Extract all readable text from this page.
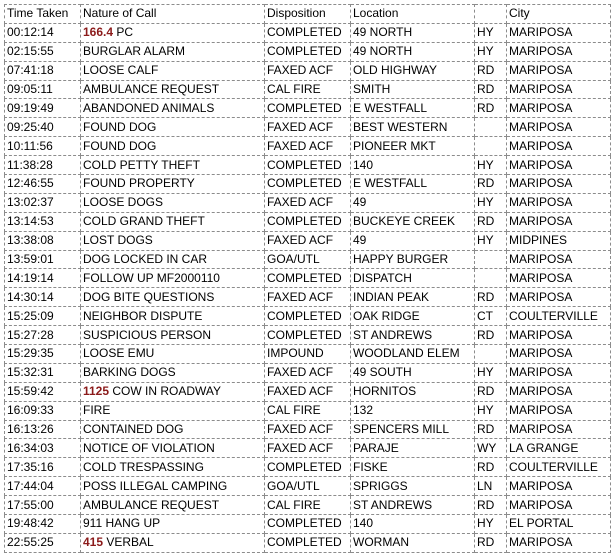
Time Taken	Nature of Call	Disposition	Location		City
00:12:14	166.4 PC	COMPLETED	49 NORTH	HY	MARIPOSA
02:15:55	BURGLAR ALARM	COMPLETED	49 NORTH	HY	MARIPOSA
07:41:18	LOOSE CALF	FAXED ACF	OLD HIGHWAY	RD	MARIPOSA
09:05:11	AMBULANCE REQUEST	CAL FIRE	SMITH	RD	MARIPOSA
09:19:49	ABANDONED ANIMALS	COMPLETED	E WESTFALL	RD	MARIPOSA
09:25:40	FOUND DOG	FAXED ACF	BEST WESTERN		MARIPOSA
10:11:56	FOUND DOG	FAXED ACF	PIONEER MKT		MARIPOSA
11:38:28	COLD PETTY THEFT	COMPLETED	140	HY	MARIPOSA
12:46:55	FOUND PROPERTY	COMPLETED	E WESTFALL	RD	MARIPOSA
13:02:37	LOOSE DOGS	FAXED ACF	49	HY	MARIPOSA
13:14:53	COLD GRAND THEFT	COMPLETED	BUCKEYE CREEK	RD	MARIPOSA
13:38:08	LOST DOGS	FAXED ACF	49	HY	MIDPINES
13:59:01	DOG LOCKED IN CAR	GOA/UTL	HAPPY BURGER		MARIPOSA
14:19:14	FOLLOW UP MF2000110	COMPLETED	DISPATCH		MARIPOSA
14:30:14	DOG BITE QUESTIONS	FAXED ACF	INDIAN PEAK	RD	MARIPOSA
15:25:09	NEIGHBOR DISPUTE	COMPLETED	OAK RIDGE	CT	COULTERVILLE
15:27:28	SUSPICIOUS PERSON	COMPLETED	ST ANDREWS	RD	MARIPOSA
15:29:35	LOOSE EMU	IMPOUND	WOODLAND ELEM		MARIPOSA
15:32:31	BARKING DOGS	FAXED ACF	49 SOUTH	HY	MARIPOSA
15:59:42	1125 COW IN ROADWAY	FAXED ACF	HORNITOS	RD	MARIPOSA
16:09:33	FIRE	CAL FIRE	132	HY	MARIPOSA
16:13:26	CONTAINED DOG	FAXED ACF	SPENCERS MILL	RD	MARIPOSA
16:34:03	NOTICE OF VIOLATION	FAXED ACF	PARAJE	WY	LA GRANGE
17:35:16	COLD TRESPASSING	COMPLETED	FISKE	RD	COULTERVILLE
17:44:04	POSS ILLEGAL CAMPING	GOA/UTL	SPRIGGS	LN	MARIPOSA
17:55:00	AMBULANCE REQUEST	CAL FIRE	ST ANDREWS	RD	MARIPOSA
19:48:42	911 HANG UP	COMPLETED	140	HY	EL PORTAL
22:55:25	415 VERBAL	COMPLETED	WORMAN	RD	MARIPOSA
